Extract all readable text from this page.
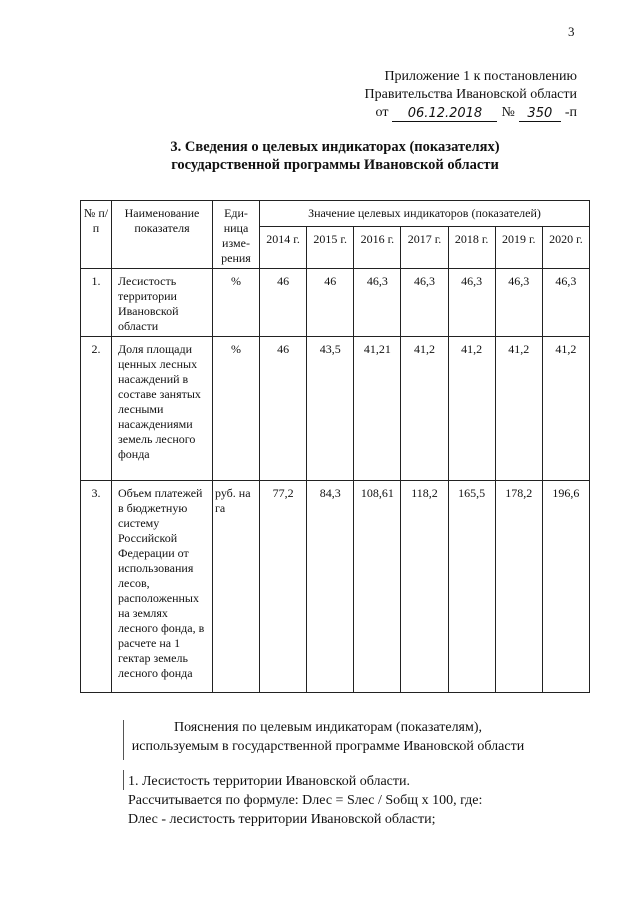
3
Приложение 1 к постановлению
Правительства Ивановской области
от	06.12.2018	№ 350 -п
3. Сведения о целевых индикаторах (показателях)
государственной программы Ивановской области
№ п/п	Наименование показателя	Еди-ница изме-рения	Значение целевых индикаторов (показателей)						
			2014 г.	2015 г.	2016 г.	2017 г.	2018 г.	2019 г.	2020 г.
1.	Лесистость территории Ивановской области	%	46	46	46,3	46,3	46,3	46,3	46,3
2.	Доля площади ценных лесных насаждений в составе занятых лесными насаждениями земель лесного фонда	%	46	43,5	41,21	41,2	41,2	41,2	41,2
3.	Объем платежей в бюджетную систему Российской Федерации от использования лесов, расположенных на землях лесного фонда, в расчете на 1 гектар земель лесного фонда	руб. на га	77,2	84,3	108,61	118,2	165,5	178,2	196,6
Пояснения по целевым индикаторам (показателям),
используемым в государственной программе Ивановской области
1. Лесистость территории Ивановской области.
Рассчитывается по формуле: Dлес = Sлес / Sобщ x 100, где:
Dлес - лесистость территории Ивановской области;
